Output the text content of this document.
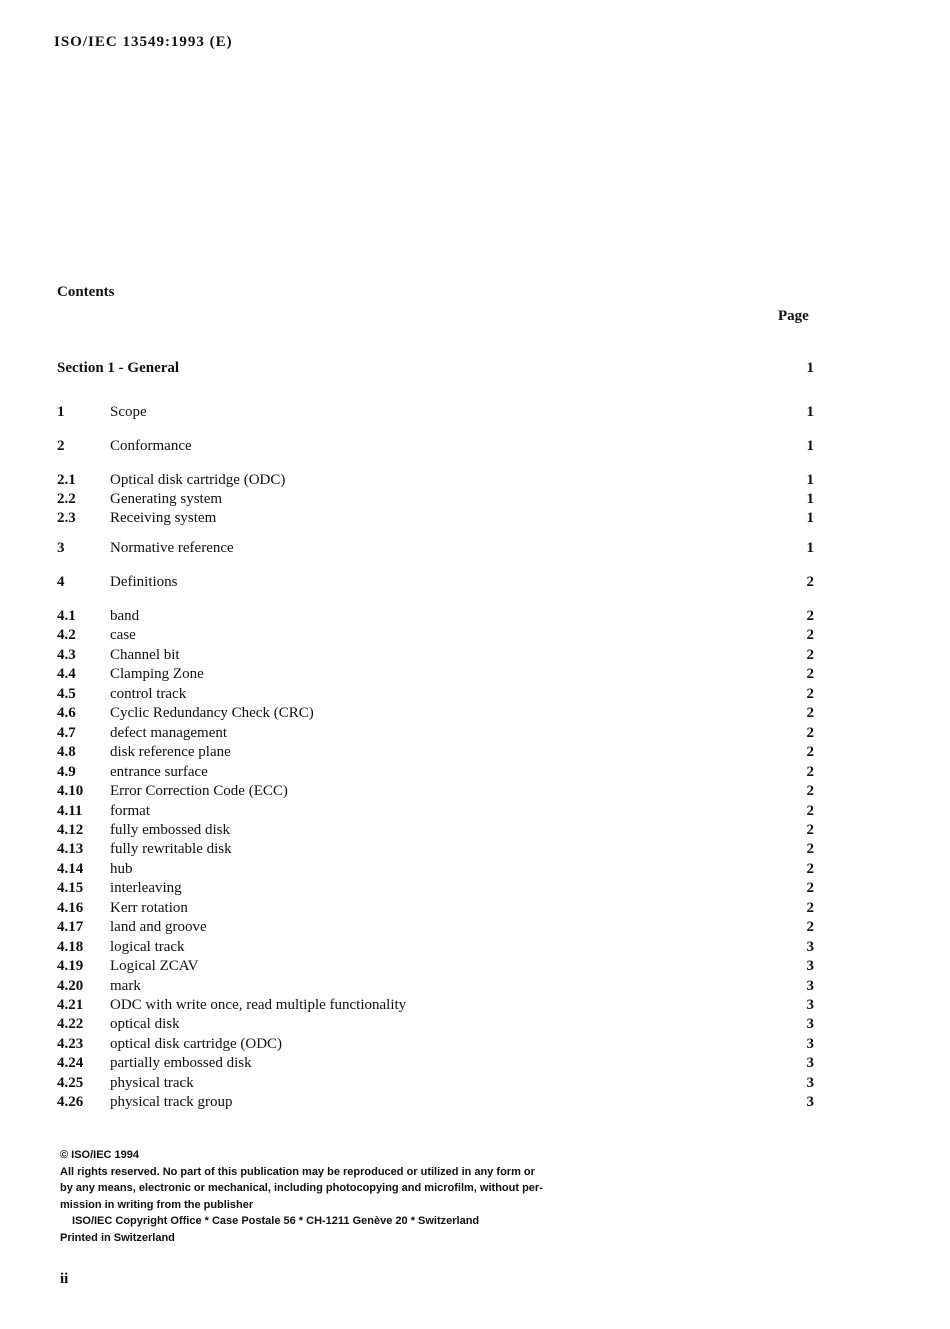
ISO/IEC 13549:1993 (E)
Contents
Page
Section 1 - General	1
1	Scope	1
2	Conformance	1
2.1 Optical disk cartridge (ODC)	1
2.2 Generating system	1
2.3 Receiving system	1
3	Normative reference	1
4	Definitions	2
4.1 band	2
4.2 case	2
4.3 Channel bit	2
4.4 Clamping Zone	2
4.5 control track	2
4.6 Cyclic Redundancy Check (CRC)	2
4.7 defect management	2
4.8 disk reference plane	2
4.9 entrance surface	2
4.10 Error Correction Code (ECC)	2
4.11 format	2
4.12 fully embossed disk	2
4.13 fully rewritable disk	2
4.14 hub	2
4.15 interleaving	2
4.16 Kerr rotation	2
4.17 land and groove	2
4.18 logical track	3
4.19 Logical ZCAV	3
4.20 mark	3
4.21 ODC with write once, read multiple functionality	3
4.22 optical disk	3
4.23 optical disk cartridge (ODC)	3
4.24 partially embossed disk	3
4.25 physical track	3
4.26 physical track group	3
© ISO/IEC 1994
All rights reserved. No part of this publication may be reproduced or utilized in any form or
by any means, electronic or mechanical, including photocopying and microfilm, without per-
mission in writing from the publisher
ISO/IEC Copyright Office * Case Postale 56 * CH-1211 Genève 20 * Switzerland
Printed in Switzerland
ii
